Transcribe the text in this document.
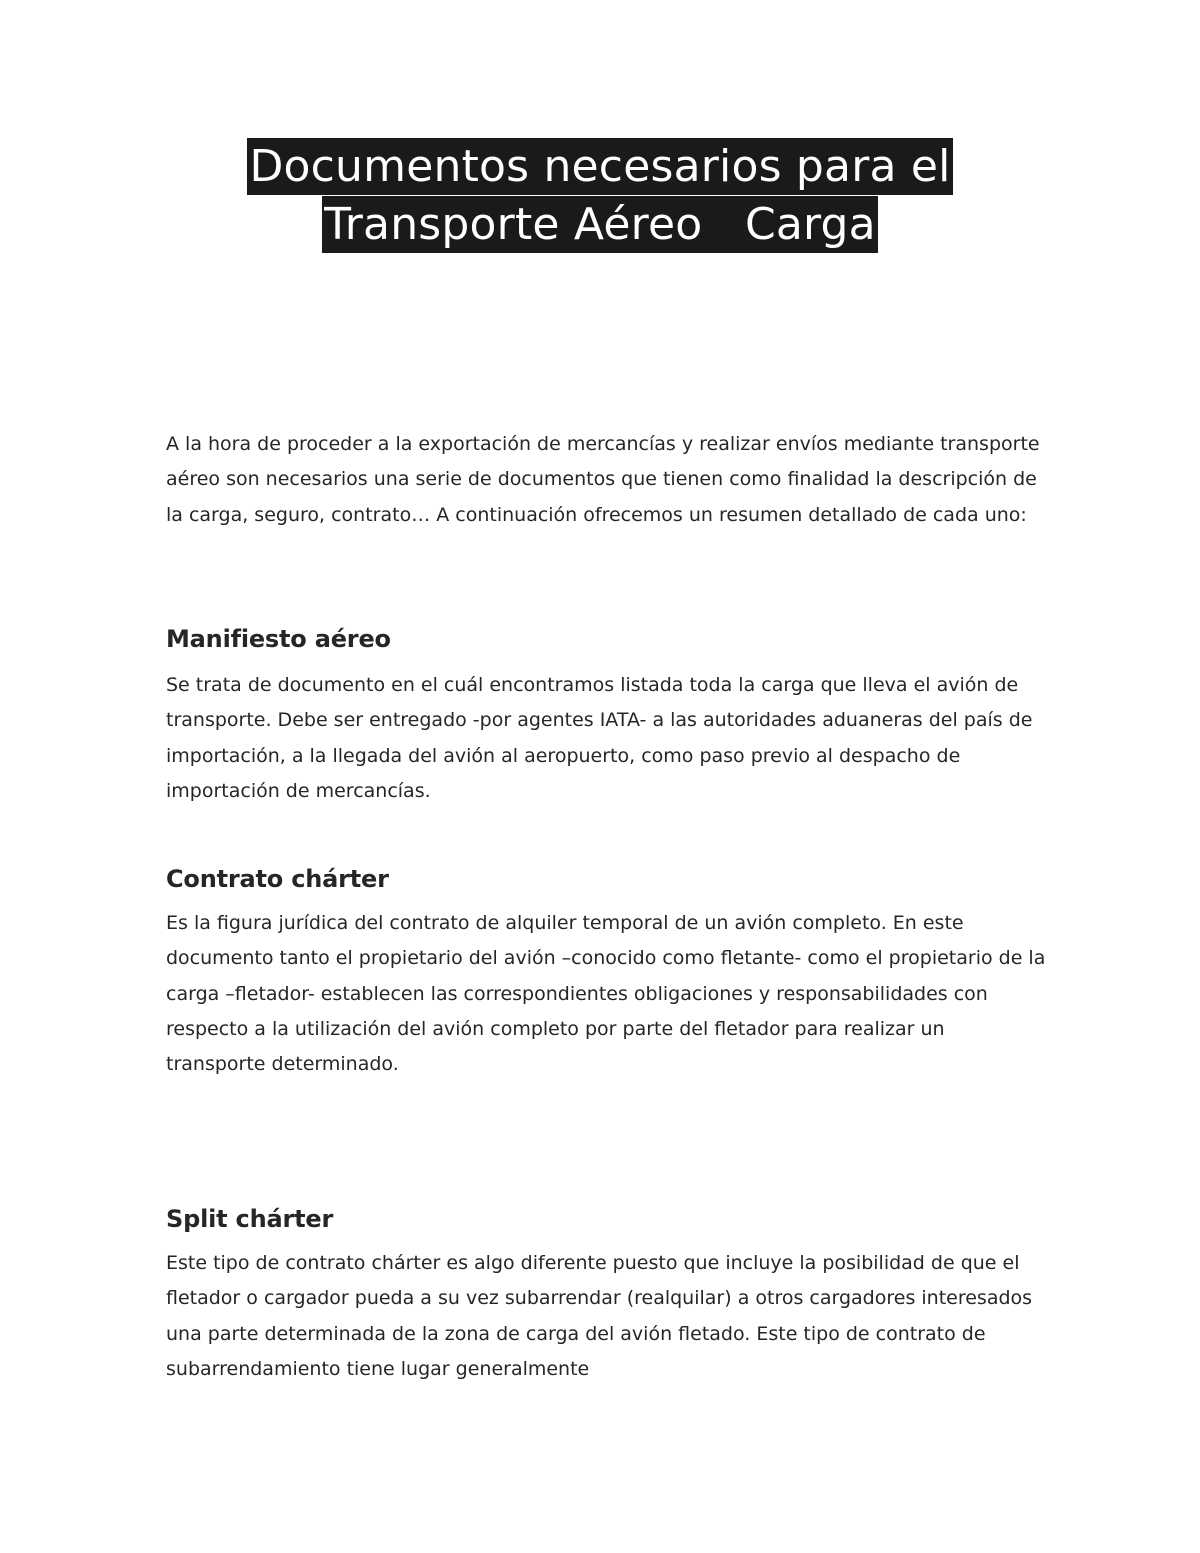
Documentos necesarios para el
Transporte Aéreo   Carga

A la hora de proceder a la exportación de mercancías y realizar envíos mediante transporte aéreo son necesarios una serie de documentos que tienen como finalidad la descripción de la carga, seguro, contrato… A continuación ofrecemos un resumen detallado de cada uno:

Manifiesto aéreo

Se trata de documento en el cuál encontramos listada toda la carga que lleva el avión de transporte. Debe ser entregado -por agentes IATA- a las autoridades aduaneras del país de importación, a la llegada del avión al aeropuerto, como paso previo al despacho de importación de mercancías.

Contrato chárter

Es la figura jurídica del contrato de alquiler temporal de un avión completo. En este documento tanto el propietario del avión –conocido como fletante- como el propietario de la carga –fletador- establecen las correspondientes obligaciones y responsabilidades con respecto a la utilización del avión completo por parte del fletador para realizar un transporte determinado.

Split chárter

Este tipo de contrato chárter es algo diferente puesto que incluye la posibilidad de que el fletador o cargador pueda a su vez subarrendar (realquilar) a otros cargadores interesados una parte determinada de la zona de carga del avión fletado. Este tipo de contrato de subarrendamiento tiene lugar generalmente
